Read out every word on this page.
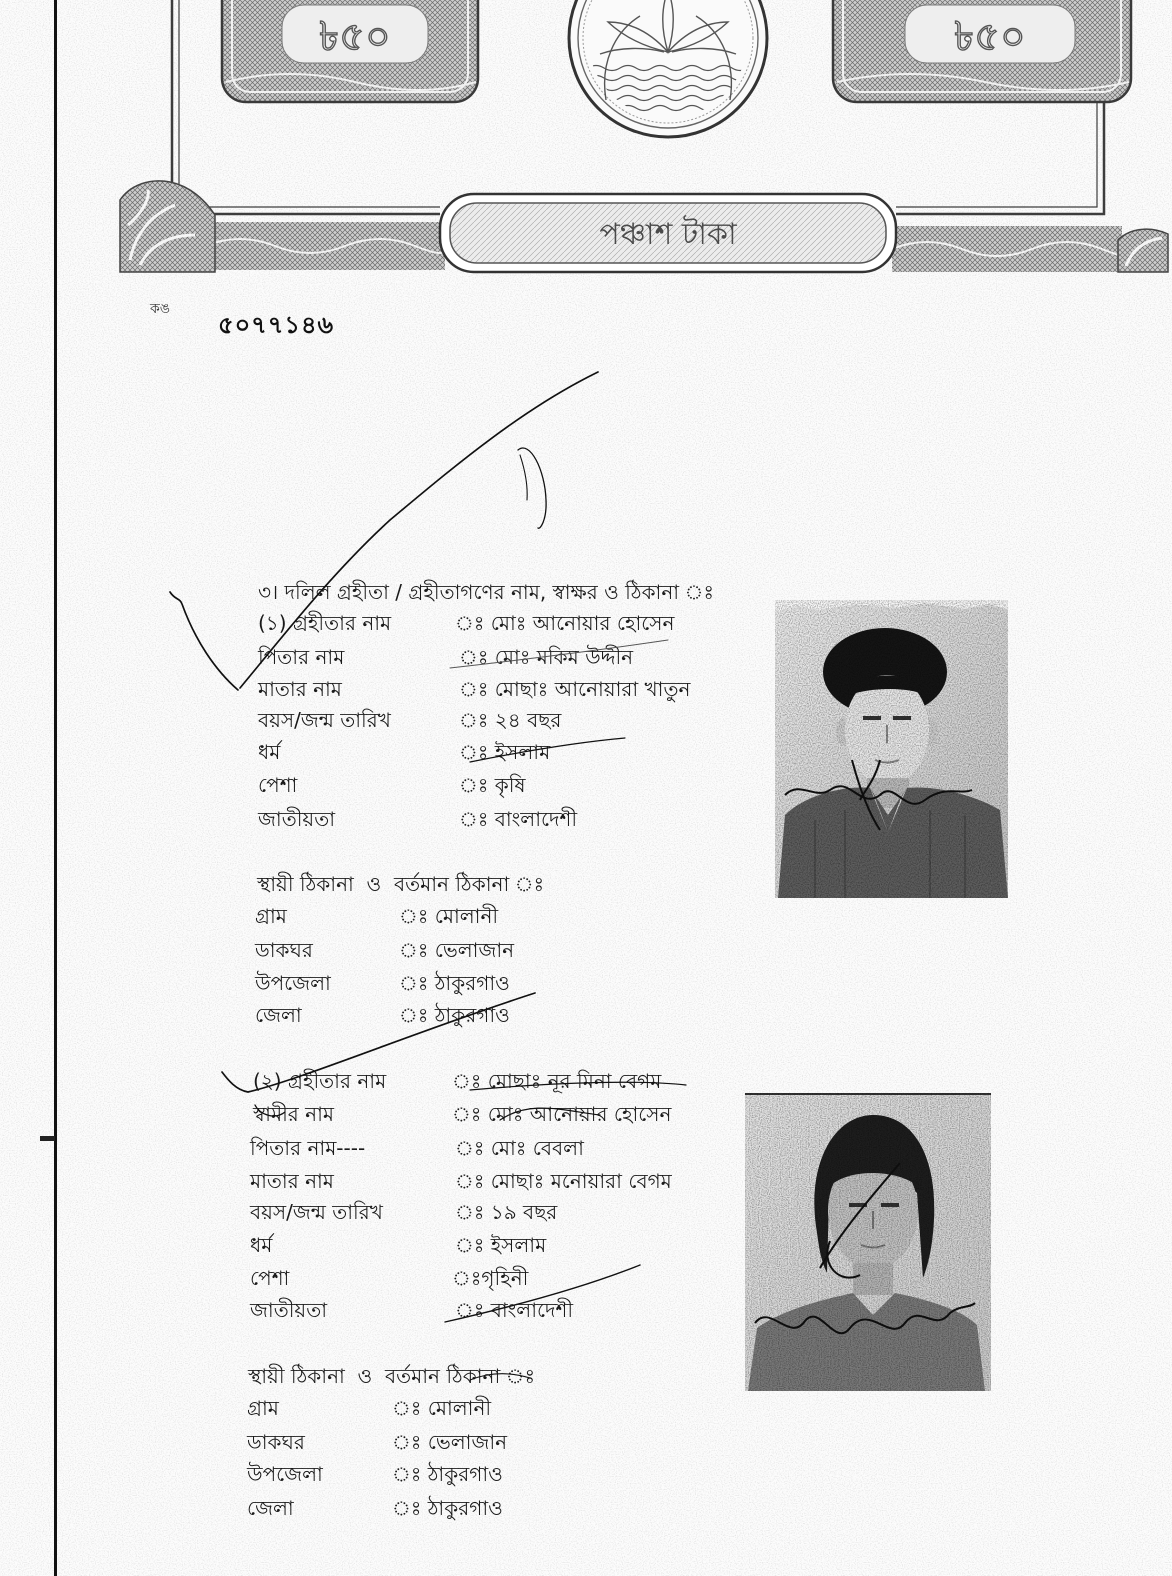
৳৫০	৳৫০
পঞ্চাশ টাকা
কঙ
৫০৭৭১৪৬
৩। দলিল গ্রহীতা / গ্রহীতাগণের নাম, স্বাক্ষর ও ঠিকানা ঃ
(১) গ্রহীতার নাম	ঃ মোঃ আনোয়ার হোসেন
পিতার নাম	ঃ মোঃ মকিম উদ্দীন
মাতার নাম	ঃ মোছাঃ আনোয়ারা খাতুন
বয়স/জন্ম তারিখ	ঃ ২৪ বছর
ধর্ম	ঃ ইসলাম
পেশা	ঃ কৃষি
জাতীয়তা	ঃ বাংলাদেশী
স্থায়ী ঠিকানা  ও  বর্তমান ঠিকানা ঃ
গ্রাম	ঃ মোলানী
ডাকঘর	ঃ ভেলাজান
উপজেলা	ঃ ঠাকুরগাও
জেলা	ঃ ঠাকুরগাও
(২) গ্রহীতার নাম	ঃ মোছাঃ নূর মিনা বেগম
স্বামীর নাম	ঃ মোঃ আনোয়ার হোসেন
পিতার নাম----	ঃ মোঃ বেবলা
মাতার নাম	ঃ মোছাঃ মনোয়ারা বেগম
বয়স/জন্ম তারিখ	ঃ ১৯ বছর
ধর্ম	ঃ ইসলাম
পেশা	ঃগৃহিনী
জাতীয়তা	ঃ বাংলাদেশী
স্থায়ী ঠিকানা  ও  বর্তমান ঠিকানা ঃ
গ্রাম	ঃ মোলানী
ডাকঘর	ঃ ভেলাজান
উপজেলা	ঃ ঠাকুরগাও
জেলা	ঃ ঠাকুরগাও
